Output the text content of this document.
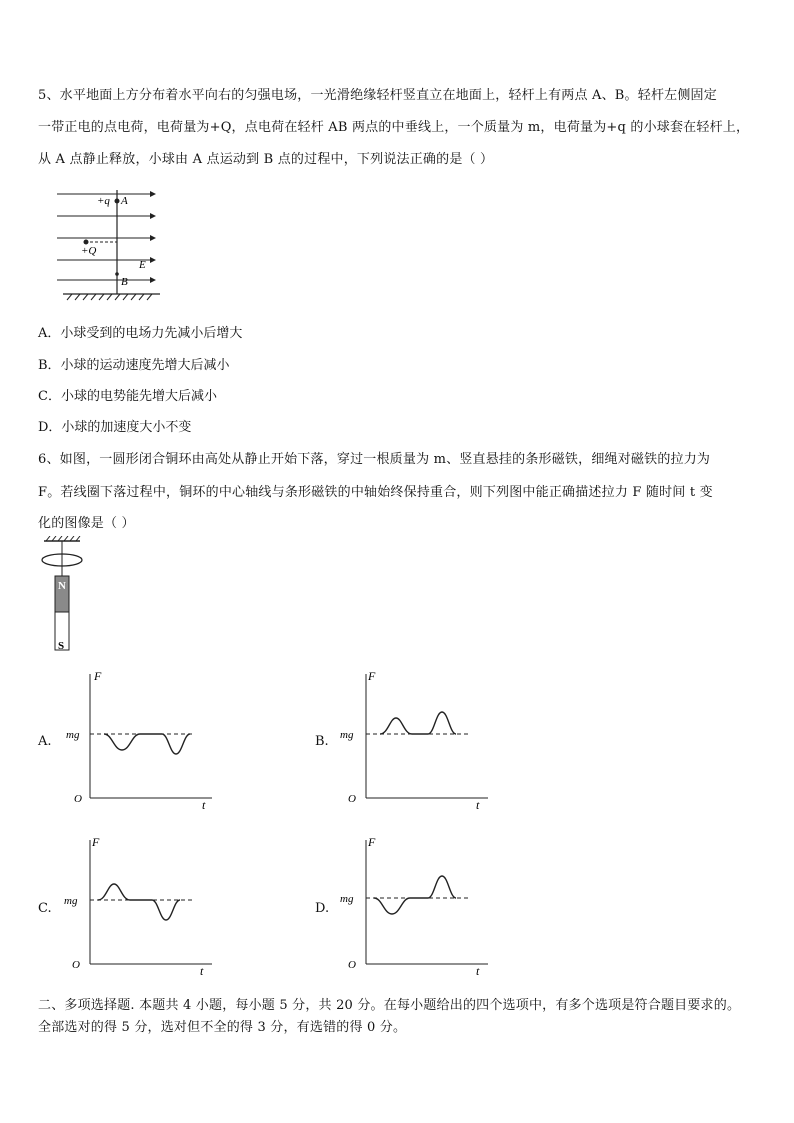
5、水平地面上方分布着水平向右的匀强电场，一光滑绝缘轻杆竖直立在地面上，轻杆上有两点 A、B。轻杆左侧固定
一带正电的点电荷，电荷量为+Q，点电荷在轻杆 AB 两点的中垂线上，一个质量为 m，电荷量为+q 的小球套在轻杆上，
从 A 点静止释放，小球由 A 点运动到 B 点的过程中，下列说法正确的是（ ）
+q A
+Q
E
B
A．小球受到的电场力先减小后增大
B．小球的运动速度先增大后减小
C．小球的电势能先增大后减小
D．小球的加速度大小不变
6、如图，一圆形闭合铜环由高处从静止开始下落，穿过一根质量为 m、竖直悬挂的条形磁铁，细绳对磁铁的拉力为
F。若线圈下落过程中，铜环的中心轴线与条形磁铁的中轴始终保持重合，则下列图中能正确描述拉力 F 随时间 t 变
化的图像是（ ）
N
S
A.
F
mg
O	t
B.
F
mg
O	t
C.
F
mg
O	t
D.
F
mg
O	t
二、多项选择题. 本题共 4 小题，每小题 5 分，共 20 分。在每小题给出的四个选项中，有多个选项是符合题目要求的。
全部选对的得 5 分，选对但不全的得 3 分，有选错的得 0 分。
